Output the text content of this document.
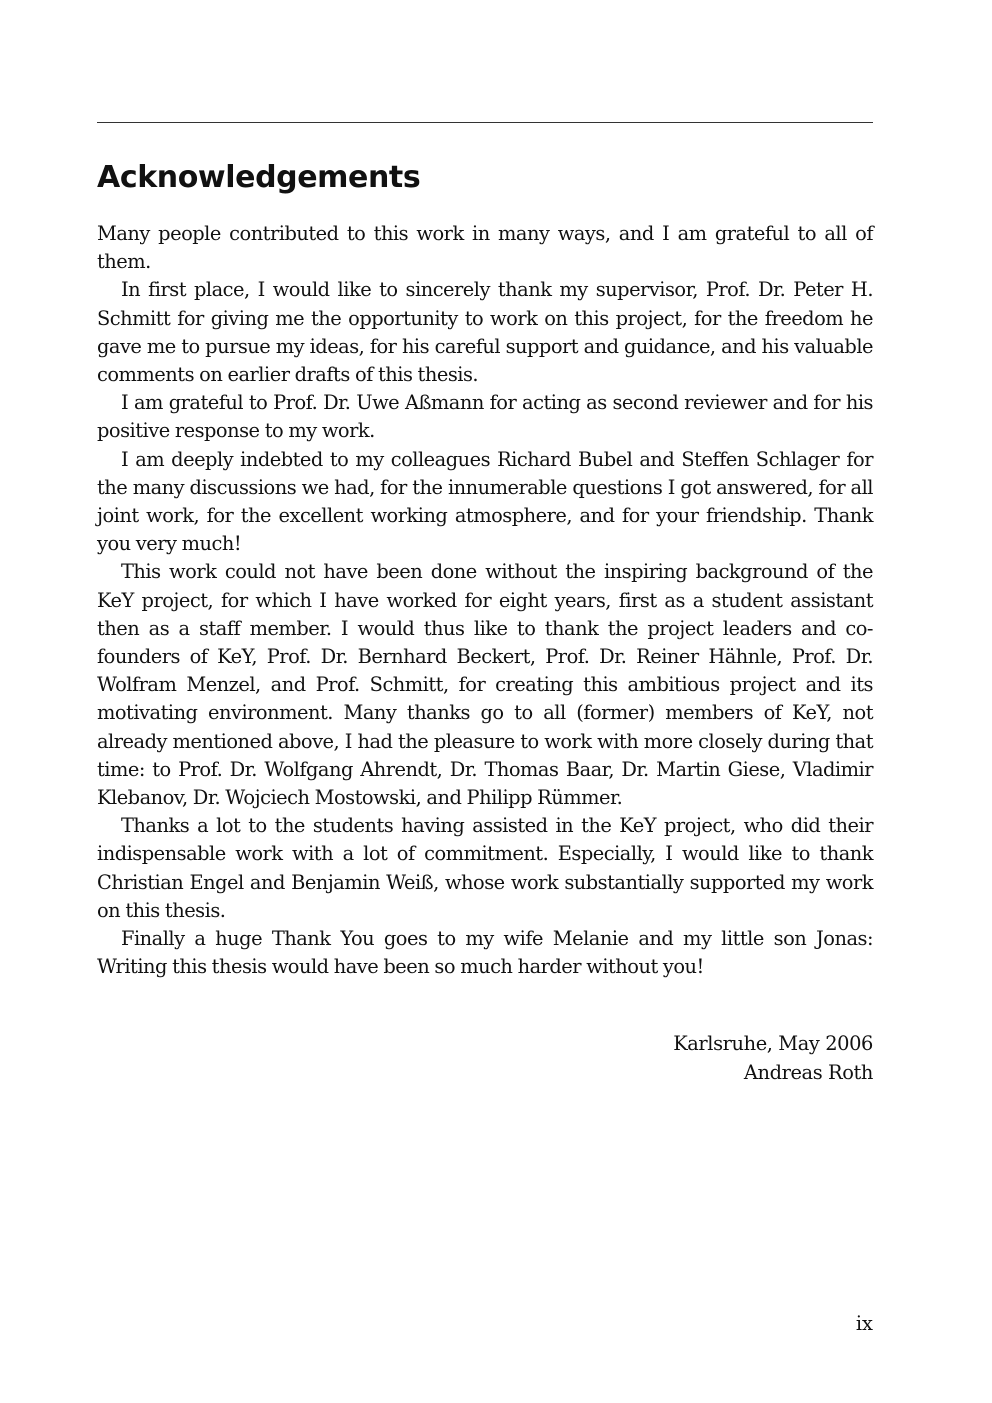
Acknowledgements

Many people contributed to this work in many ways, and I am grateful to all of them.

In first place, I would like to sincerely thank my supervisor, Prof. Dr. Peter H. Schmitt for giving me the opportunity to work on this project, for the freedom he gave me to pursue my ideas, for his careful support and guidance, and his valuable comments on earlier drafts of this thesis.

I am grateful to Prof. Dr. Uwe Aßmann for acting as second reviewer and for his positive response to my work.

I am deeply indebted to my colleagues Richard Bubel and Steffen Schlager for the many discussions we had, for the innumerable questions I got answered, for all joint work, for the excellent working atmosphere, and for your friendship. Thank you very much!

This work could not have been done without the inspiring background of the KeY project, for which I have worked for eight years, first as a student assistant then as a staff member. I would thus like to thank the project leaders and co-founders of KeY, Prof. Dr. Bernhard Beckert, Prof. Dr. Reiner Hähnle, Prof. Dr. Wolfram Menzel, and Prof. Schmitt, for creating this ambitious project and its motivating environment. Many thanks go to all (former) members of KeY, not already mentioned above, I had the pleasure to work with more closely during that time: to Prof. Dr. Wolfgang Ahrendt, Dr. Thomas Baar, Dr. Martin Giese, Vladimir Klebanov, Dr. Wojciech Mostowski, and Philipp Rümmer.

Thanks a lot to the students having assisted in the KeY project, who did their indispensable work with a lot of commitment. Especially, I would like to thank Christian Engel and Benjamin Weiß, whose work substantially supported my work on this thesis.

Finally a huge Thank You goes to my wife Melanie and my little son Jonas: Writing this thesis would have been so much harder without you!

Karlsruhe, May 2006
Andreas Roth
ix
